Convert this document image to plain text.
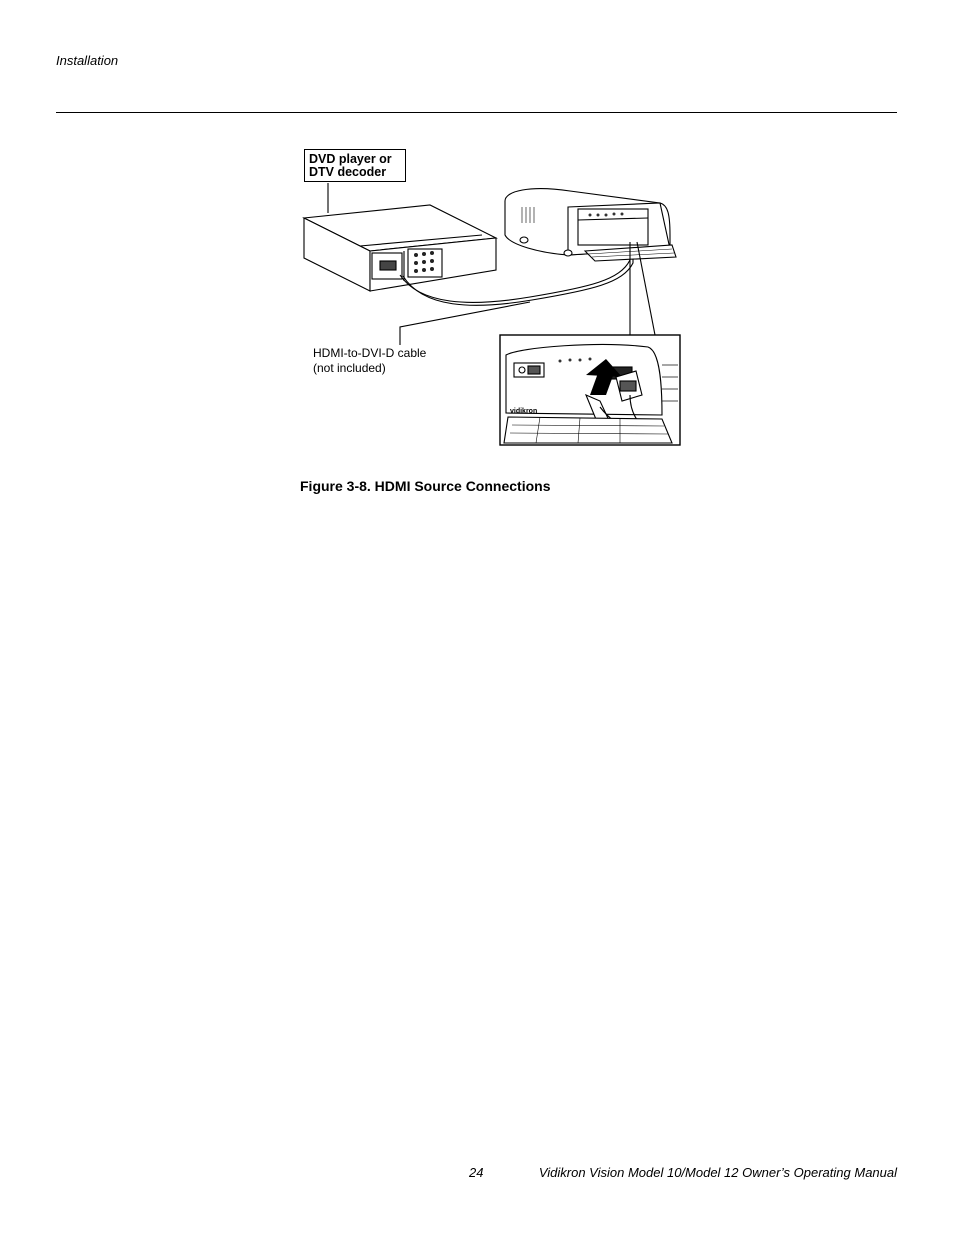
Installation
vidikron
DVD player or
DTV decoder
HDMI-to-DVI-D cable
(not included)
Figure 3-8. HDMI Source Connections
24	Vidikron Vision Model 10/Model 12 Owner’s Operating Manual
